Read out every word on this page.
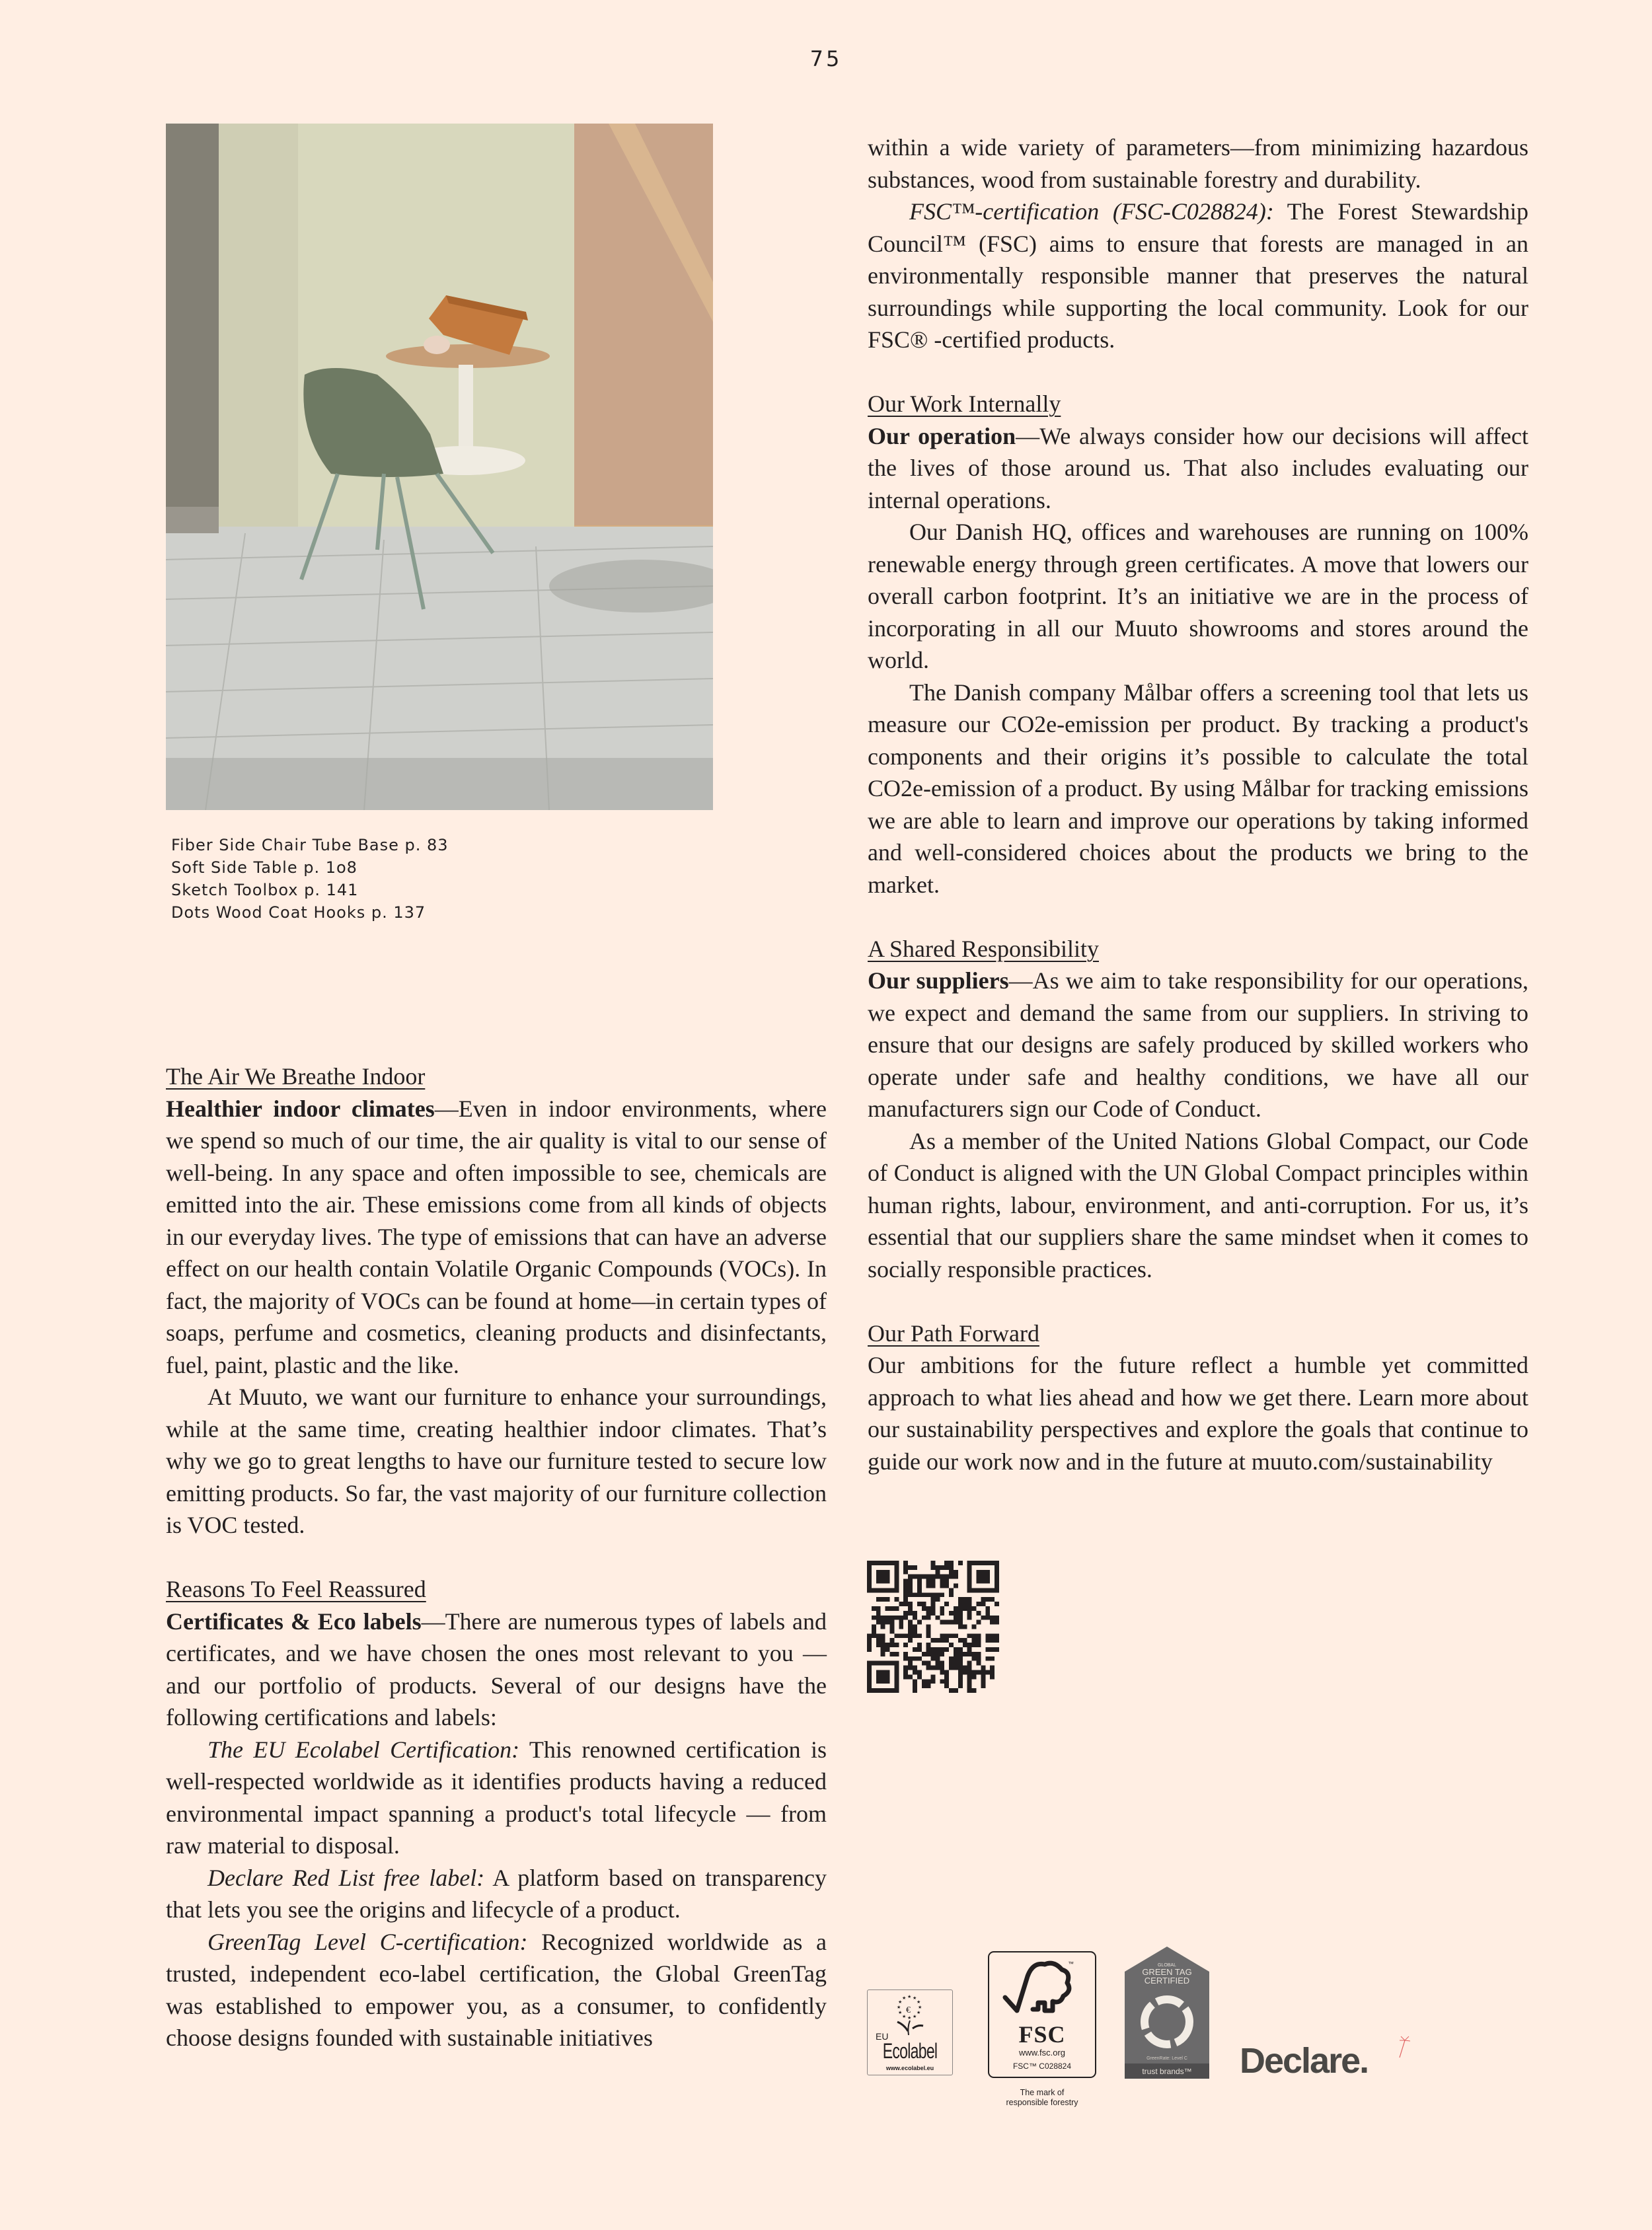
75
Fiber Side Chair Tube Base p. 83
Soft Side Table p. 1o8
Sketch Toolbox p. 141
Dots Wood Coat Hooks p. 137
The Air We Breathe Indoor

Healthier indoor climates—Even in indoor environments, where we spend so much of our time, the air quality is vital to our sense of well-being. In any space and often impossible to see, chemicals are emitted into the air. These emissions come from all kinds of objects in our everyday lives. The type of emissions that can have an adverse effect on our health contain Volatile Organic Compounds (VOCs). In fact, the majority of VOCs can be found at home—in certain types of soaps, perfume and cosmetics, cleaning products and disinfectants, fuel, paint, plastic and the like.

At Muuto, we want our furniture to enhance your surroundings, while at the same time, creating healthier indoor climates. That’s why we go to great lengths to have our furniture tested to secure low emitting products. So far, the vast majority of our furniture collection is VOC tested.

Reasons To Feel Reassured

Certificates & Eco labels—There are numerous types of labels and certificates, and we have chosen the ones most relevant to you — and our portfolio of products. Several of our designs have the following certifications and labels:

The EU Ecolabel Certification: This renowned certification is well-respected worldwide as it identifies products having a reduced environmental impact spanning a product's total lifecycle — from raw material to disposal.

Declare Red List free label: A platform based on transparency that lets you see the origins and lifecycle of a product.

GreenTag Level C-certification: Recognized worldwide as a trusted, independent eco-label certification, the Global GreenTag was established to empower you, as a consumer, to confidently choose designs founded with sustainable initiatives

within a wide variety of parameters—from minimizing hazardous substances, wood from sustainable forestry and durability.

FSC™-certification (FSC-C028824): The Forest Stewardship Council™ (FSC) aims to ensure that forests are managed in an environmentally responsible manner that preserves the natural surroundings while supporting the local community. Look for our FSC® -certified products.

Our Work Internally

Our operation—We always consider how our decisions will affect the lives of those around us. That also includes evaluating our internal operations.

Our Danish HQ, offices and warehouses are running on 100% renewable energy through green certificates. A move that lowers our overall carbon footprint. It’s an initiative we are in the process of incorporating in all our Muuto showrooms and stores around the world.

The Danish company Målbar offers a screening tool that lets us measure our CO2e-emission per product. By tracking a product's components and their origins it’s possible to calculate the total CO2e-emission of a product. By using Målbar for tracking emissions we are able to learn and improve our operations by taking informed and well-considered choices about the products we bring to the market.

A Shared Responsibility

Our suppliers—As we aim to take responsibility for our operations, we expect and demand the same from our suppliers. In striving to ensure that our designs are safely produced by skilled workers who operate under safe and healthy conditions, we have all our manufacturers sign our Code of Conduct.

As a member of the United Nations Global Compact, our Code of Conduct is aligned with the UN Global Compact principles within human rights, labour, environment, and anti-corruption. For us, it’s essential that our suppliers share the same mindset when it comes to socially responsible practices.

Our Path Forward

Our ambitions for the future reflect a humble yet committed approach to what lies ahead and how we get there. Learn more about our sustainability perspectives and explore the goals that continue to guide our work now and in the future at muuto.com/sustainability

★ ★
★
★
★
★
★
★
★
★
★
★
€
EU
Ecolabel
www.ecolabel.eu
™
FSC
www.fsc.org
FSC™ C028824
The mark of
responsible forestry
GLOBAL
GREEN TAG
CERTIFIED
GreenRate: Level C
trust brands™ Declare.
